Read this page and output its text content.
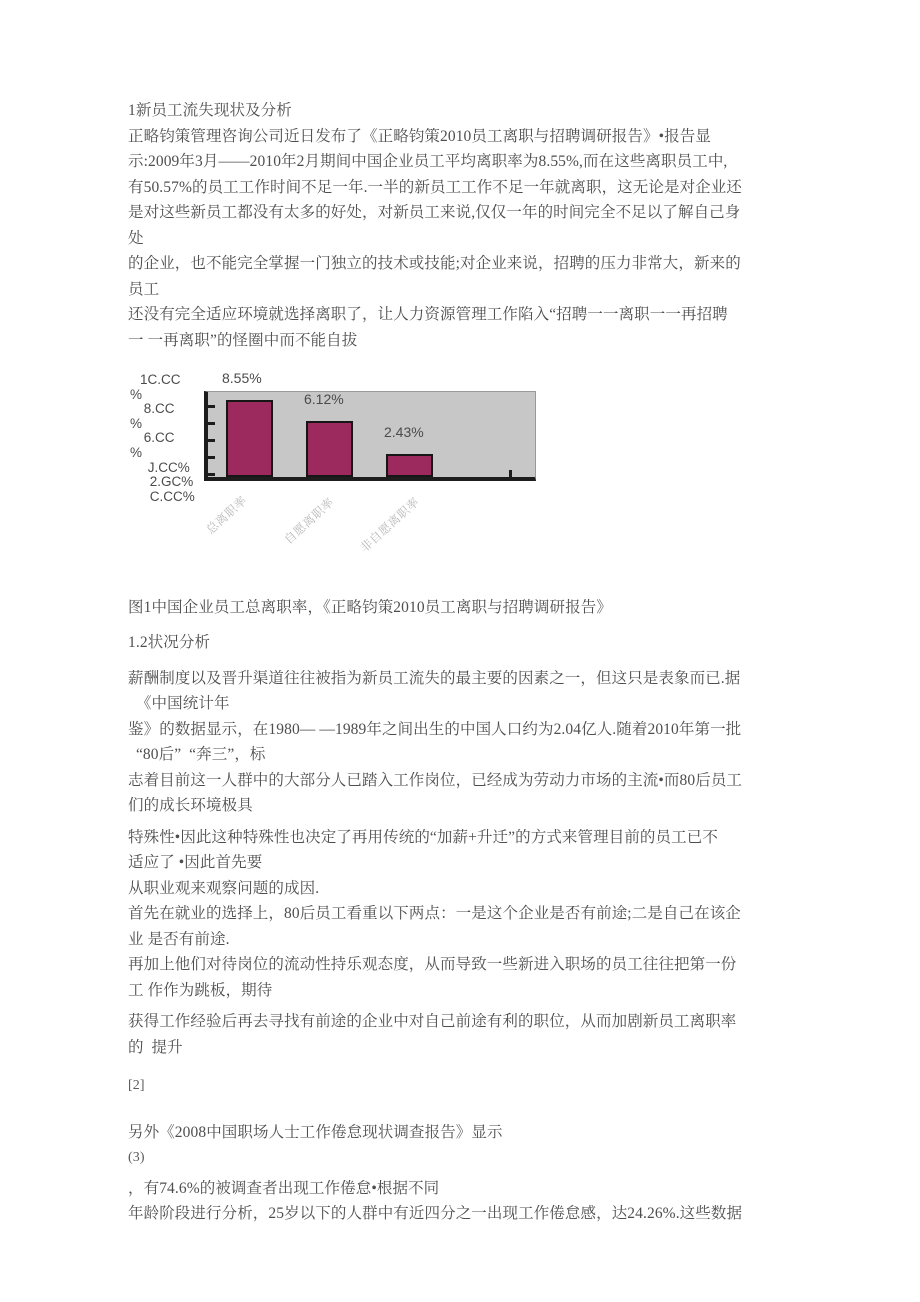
1新员工流失现状及分析

正略钧策管理咨询公司近日发布了《正略钧策2010员工离职与招聘调研报告》•报告显

示:2009年3月——2010年2月期间中国企业员工平均离职率为8.55%,而在这些离职员工中,

有50.57%的员工工作时间不足一年.一半的新员工工作不足一年就离职，这无论是对企业还

是对这些新员工都没有太多的好处，对新员工来说,仅仅一年的时间完全不足以了解自己身

处

的企业，也不能完全掌握一门独立的技术或技能;对企业来说，招聘的压力非常大，新来的

员工

还没有完全适应环境就选择离职了，让人力资源管理工作陷入“招聘一一离职一一再招聘

一 一再离职”的怪圈中而不能自拔

1C.CC
%
8.CC
%
6.CC
%
J.CC%
2.GC%
C.CC%
8.55%
6.12%
2.43%
总离职率	自愿离职率 非自愿离职率

图1中国企业员工总离职率，《正略钧策2010员工离职与招聘调研报告》

1.2状况分析

薪酬制度以及晋升渠道往往被指为新员工流失的最主要的因素之一，但这只是表象而已.据

《中国统计年

鉴》的数据显示，在1980— —1989年之间出生的中国人口约为2.04亿人.随着2010年第一批

“80后”  “奔三”，标

志着目前这一人群中的大部分人已踏入工作岗位，已经成为劳动力市场的主流•而80后员工

们的成长环境极具

特殊性•因此这种特殊性也决定了再用传统的“加薪+升迁”的方式来管理目前的员工已不

适应了 •因此首先要

从职业观来观察问题的成因.

首先在就业的选择上，80后员工看重以下两点：一是这个企业是否有前途;二是自己在该企

业 是否有前途.

再加上他们对待岗位的流动性持乐观态度，从而导致一些新进入职场的员工往往把第一份

工 作作为跳板，期待

获得工作经验后再去寻找有前途的企业中对自己前途有利的职位，从而加剧新员工离职率

的  提升

[2]

另外《2008中国职场人士工作倦怠现状调查报告》显示

(3)

，有74.6%的被调查者出现工作倦怠•根据不同

年龄阶段进行分析，25岁以下的人群中有近四分之一出现工作倦怠感，达24.26%.这些数据
